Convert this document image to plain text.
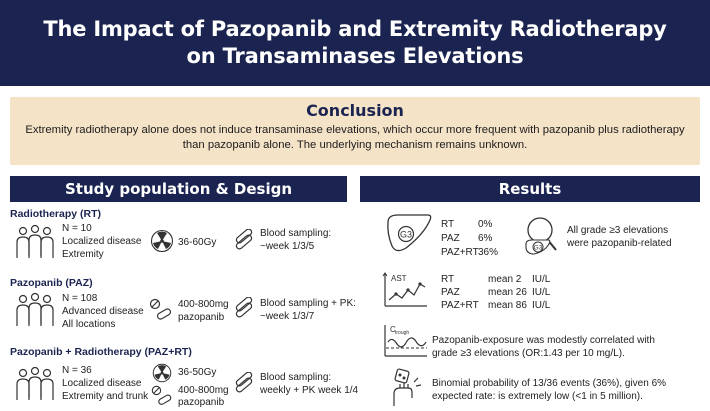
The Impact of Pazopanib and Extremity Radiotherapy on Transaminases Elevations
Conclusion

Extremity radiotherapy alone does not induce transaminase elevations, which occur more frequent with pazopanib plus radiotherapy than pazopanib alone. The underlying mechanism remains unknown.

Study population & Design	Results
Radiotherapy (RT)
N = 10
Localized disease
Extremity
36-60Gy
Blood sampling:
~week 1/3/5
Pazopanib (PAZ)
N = 108
Advanced disease
All locations
400-800mg
pazopanib
Blood sampling + PK:
~week 1/3/7
Pazopanib + Radiotherapy (PAZ+RT)
N = 36
Localized disease
Extremity and trunk
36-50Gy
400-800mg
pazopanib
Blood sampling:
weekly + PK week 1/4
G3
RT 0%
PAZ 6%
PAZ+RT 36%	G3
All grade ≥3 elevations
were pazopanib-related
AST	RT	mean 2 IU/L
PAZ	mean 26 IU/L
PAZ+RT mean 86 IU/L
C trough
Pazopanib-exposure was modestly correlated with
grade ≥3 elevations (OR:1.43 per 10 mg/L).
Binomial probability of 13/36 events (36%), given 6%
expected rate: is extremely low (<1 in 5 million).
